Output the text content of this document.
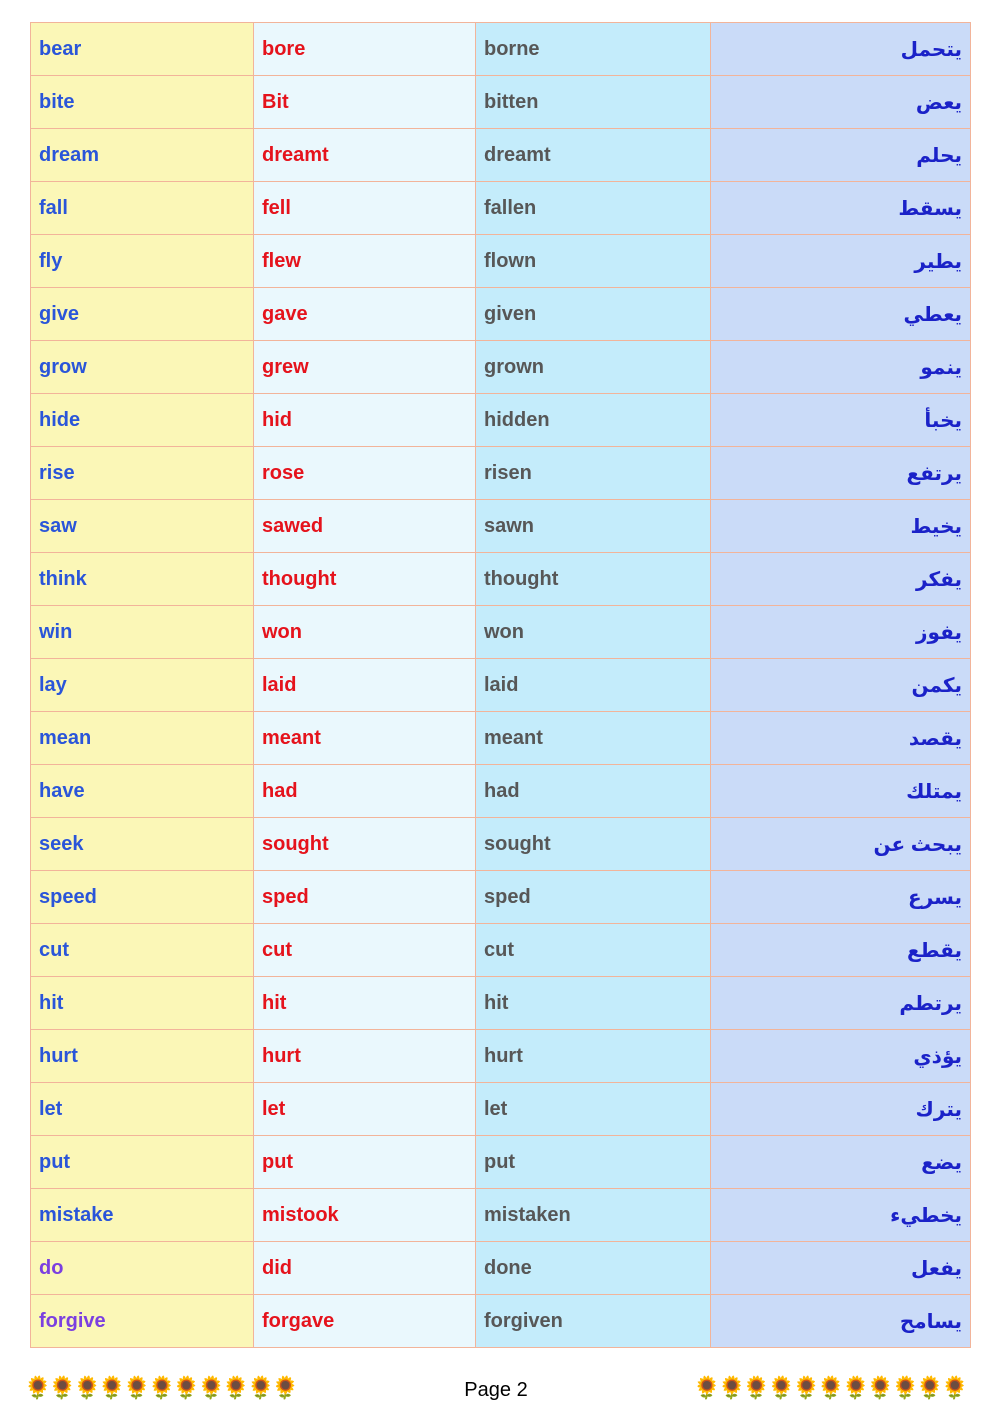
bear	bore	borne	يتحمل
bite	Bit	bitten	يعض
dream	dreamt	dreamt	يحلم
fall	fell	fallen	يسقط
fly	flew	flown	يطير
give	gave	given	يعطي
grow	grew	grown	ينمو
hide	hid	hidden	يخبأ
rise	rose	risen	يرتفع
saw	sawed	sawn	يخيط
think	thought	thought	يفكر
win	won	won	يفوز
lay	laid	laid	يكمن
mean	meant	meant	يقصد
have	had	had	يمتلك
seek	sought	sought	يبحث عن
speed	sped	sped	يسرع
cut	cut	cut	يقطع
hit	hit	hit	يرتطم
hurt	hurt	hurt	يؤذي
let	let	let	يترك
put	put	put	يضع
mistake	mistook	mistaken	يخطيء
do	did	done	يفعل
forgive	forgave	forgiven	يسامح
🌻🌻🌻🌻🌻🌻🌻🌻🌻🌻🌻	Page 2	🌻🌻🌻🌻🌻🌻🌻🌻🌻🌻🌻
